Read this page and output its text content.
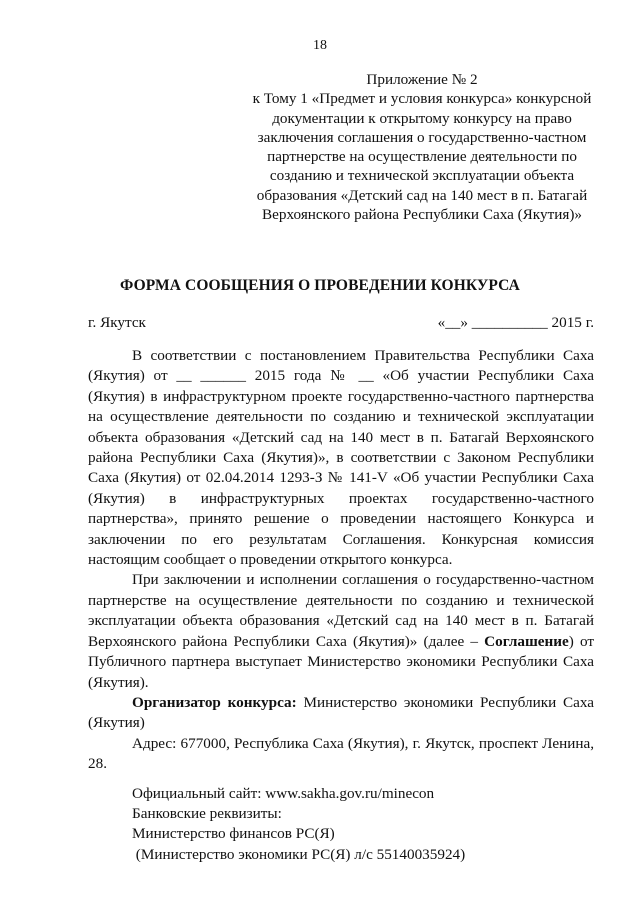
18
Приложение № 2
к Тому 1 «Предмет и условия конкурса» конкурсной
документации к открытому конкурсу на право
заключения соглашения о государственно-частном
партнерстве на осуществление деятельности по
созданию и технической эксплуатации объекта
образования «Детский сад на 140 мест в п. Батагай
Верхоянского района Республики Саха (Якутия)»
ФОРМА СООБЩЕНИЯ О ПРОВЕДЕНИИ КОНКУРСА
г. Якутск	«__» __________ 2015 г.

В соответствии с постановлением Правительства Республики Саха (Якутия) от __ ______ 2015 года № __ «Об участии Республики Саха (Якутия) в инфраструктурном проекте государственно-частного партнерства на осуществление деятельности по созданию и технической эксплуатации объекта образования «Детский сад на 140 мест в п. Батагай Верхоянского района Республики Саха (Якутия)», в соответствии с Законом Республики Саха (Якутия) от 02.04.2014 1293-З № 141-V «Об участии Республики Саха (Якутия) в инфраструктурных проектах государственно-частного партнерства», принято решение о проведении настоящего Конкурса и заключении по его результатам Соглашения. Конкурсная комиссия настоящим сообщает о проведении открытого конкурса.

При заключении и исполнении соглашения о государственно-частном партнерстве на осуществление деятельности по созданию и технической эксплуатации объекта образования «Детский сад на 140 мест в п. Батагай Верхоянского района Республики Саха (Якутия)» (далее – Соглашение) от Публичного партнера выступает Министерство экономики Республики Саха (Якутия).

Организатор конкурса: Министерство экономики Республики Саха (Якутия)

Адрес: 677000, Республика Саха (Якутия), г. Якутск, проспект Ленина, 28.

Официальный сайт: www.sakha.gov.ru/minecon
Банковские реквизиты:
Министерство финансов РС(Я)
(Министерство экономики РС(Я) л/с 55140035924)
